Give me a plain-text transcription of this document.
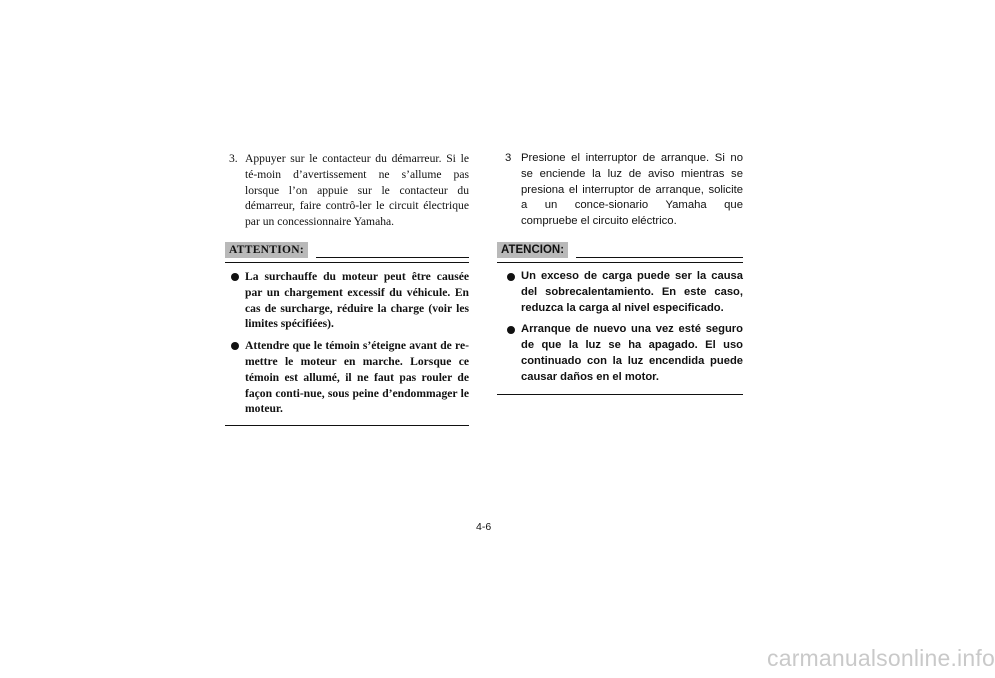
3. Appuyer sur le contacteur du démarreur. Si le té-moin d’avertissement ne s’allume pas lorsque l’on appuie sur le contacteur du démarreur, faire contrô-ler le circuit électrique par un concessionnaire Yamaha.
ATTENTION:
La surchauffe du moteur peut être causée par un chargement excessif du véhicule. En cas de surcharge, réduire la charge (voir les limites spécifiées).
Attendre que le témoin s’éteigne avant de re-mettre le moteur en marche. Lorsque ce témoin est allumé, il ne faut pas rouler de façon conti-nue, sous peine d’endommager le moteur.
3 Presione el interruptor de arranque. Si no se enciende la luz de aviso mientras se presiona el interruptor de arranque, solicite a un conce-sionario Yamaha que compruebe el circuito eléctrico.
ATENCION:
Un exceso de carga puede ser la causa del sobrecalentamiento. En este caso, reduzca la carga al nivel especificado.
Arranque de nuevo una vez esté seguro de que la luz se ha apagado. El uso continuado con la luz encendida puede causar daños en el motor.
4-6
carmanualsonline.info
